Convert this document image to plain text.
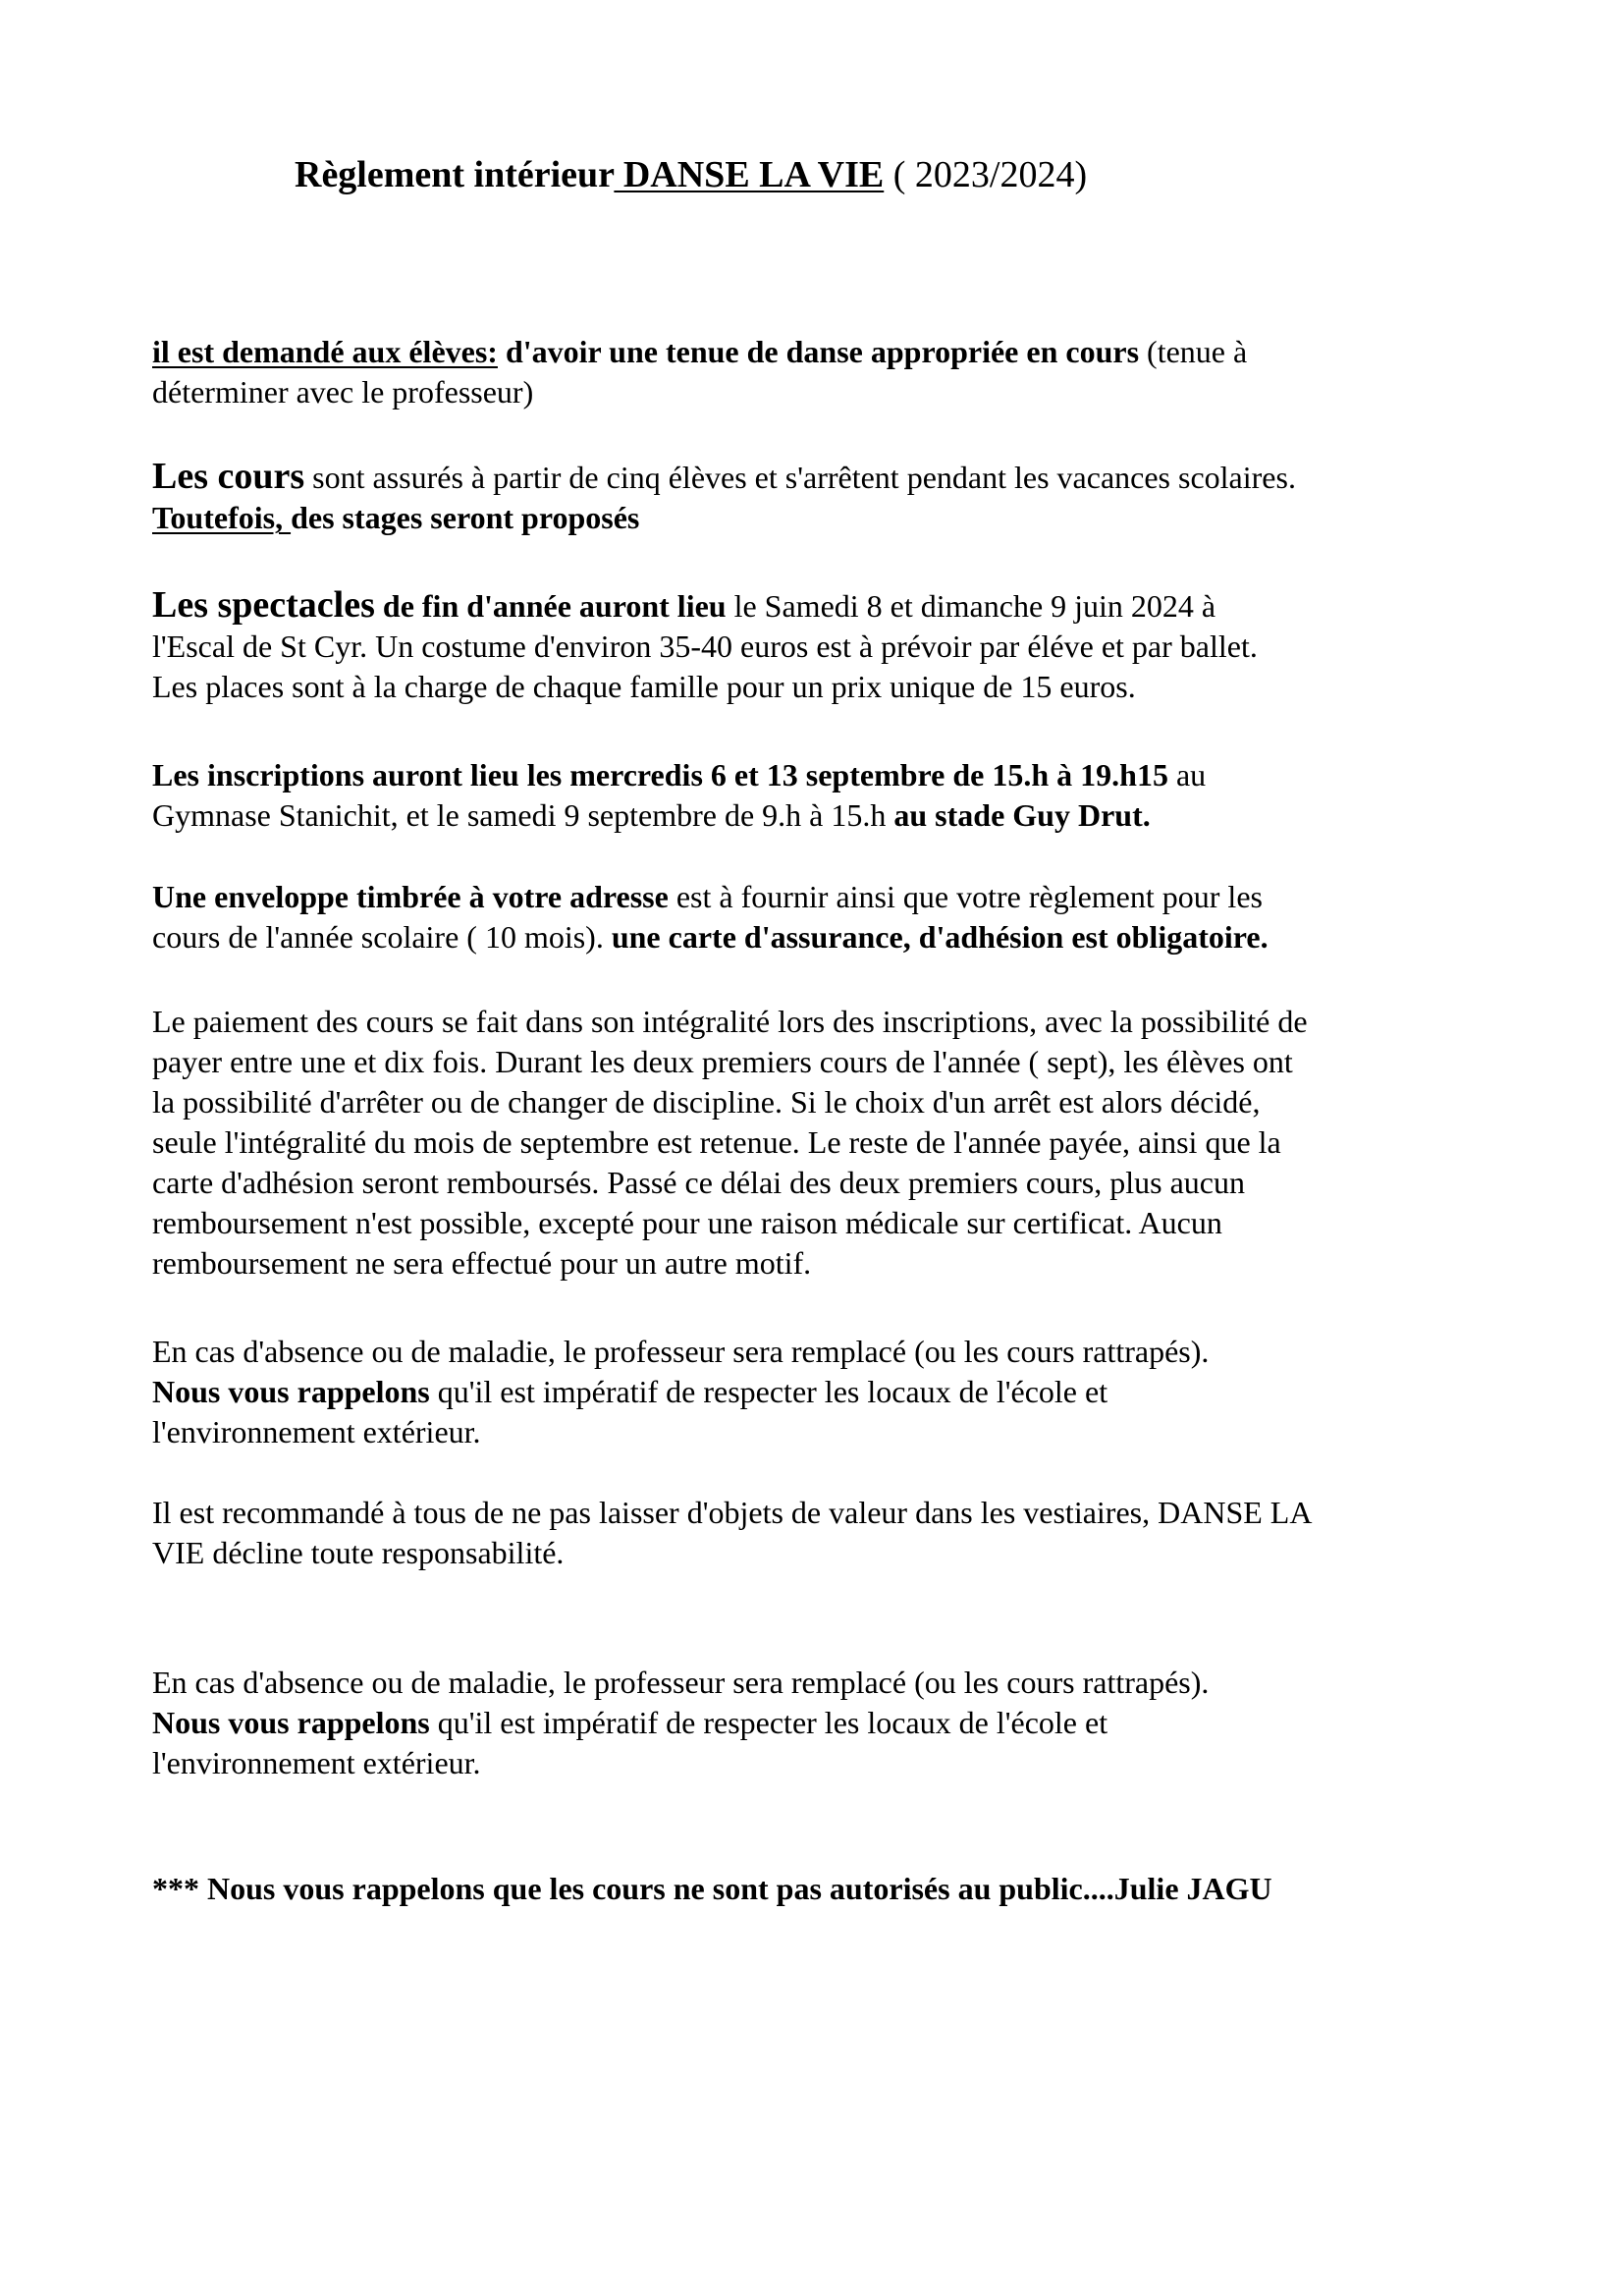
Règlement intérieur DANSE LA VIE ( 2023/2024)
il est demandé aux élèves: d'avoir une tenue de danse appropriée en cours (tenue à
déterminer avec le professeur)
Les cours sont assurés à partir de cinq élèves et s'arrêtent pendant les vacances scolaires.
Toutefois, des stages seront proposés
Les spectacles de fin d'année auront lieu le Samedi 8 et dimanche 9 juin 2024 à
l'Escal de St Cyr. Un costume d'environ 35-40 euros est à prévoir par éléve et par ballet.
Les places sont à la charge de chaque famille pour un prix unique de 15 euros.
Les inscriptions auront lieu les mercredis 6 et 13 septembre de 15.h à 19.h15 au
Gymnase Stanichit, et le samedi 9 septembre de 9.h à 15.h au stade Guy Drut.
Une enveloppe timbrée à votre adresse est à fournir ainsi que votre règlement pour les
cours de l'année scolaire ( 10 mois). une carte d'assurance, d'adhésion est obligatoire.
Le paiement des cours se fait dans son intégralité lors des inscriptions, avec la possibilité de
payer entre une et dix fois. Durant les deux premiers cours de l'année ( sept), les élèves ont
la possibilité d'arrêter ou de changer de discipline. Si le choix d'un arrêt est alors décidé,
seule l'intégralité du mois de septembre est retenue. Le reste de l'année payée, ainsi que la
carte d'adhésion seront remboursés. Passé ce délai des deux premiers cours, plus aucun
remboursement n'est possible, excepté pour une raison médicale sur certificat. Aucun
remboursement ne sera effectué pour un autre motif.
En cas d'absence ou de maladie, le professeur sera remplacé (ou les cours rattrapés).
Nous vous rappelons qu'il est impératif de respecter les locaux de l'école et
l'environnement extérieur.
Il est recommandé à tous de ne pas laisser d'objets de valeur dans les vestiaires, DANSE LA
VIE décline toute responsabilité.
En cas d'absence ou de maladie, le professeur sera remplacé (ou les cours rattrapés).
Nous vous rappelons qu'il est impératif de respecter les locaux de l'école et
l'environnement extérieur.
*** Nous vous rappelons que les cours ne sont pas autorisés au public....Julie JAGU
